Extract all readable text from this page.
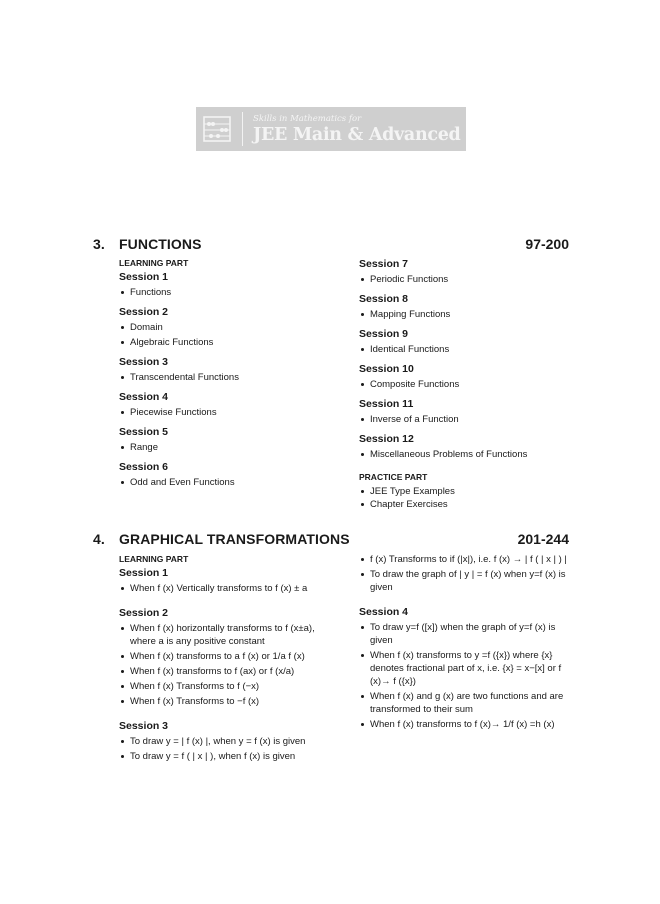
Skills in Mathematics for
JEE Main & Advanced
3. FUNCTIONS	97-200
LEARNING PART
Session 1
Functions
Session 2
Domain
Algebraic Functions
Session 3
Transcendental Functions
Session 4
Piecewise Functions
Session 5
Range
Session 6
Odd and Even Functions
Session 7
Periodic Functions
Session 8
Mapping Functions
Session 9
Identical Functions
Session 10
Composite Functions
Session 11
Inverse of a Function
Session 12
Miscellaneous Problems of Functions
PRACTICE PART
JEE Type Examples
Chapter Exercises
4. GRAPHICAL TRANSFORMATIONS	201-244
LEARNING PART
Session 1
When f (x) Vertically transforms to f (x) ± a
Session 2
When f (x) horizontally transforms to f (x±a), where a is any positive constant
When f (x) transforms to a f (x) or 1/a f (x)
When f (x) transforms to f (ax) or f (x/a)
When f (x) Transforms to f (−x)
When f (x) Transforms to −f (x)
Session 3
To draw y = | f (x) |, when y = f (x) is given
To draw y = f ( | x | ), when f (x) is given
f (x) Transforms to if (|x|), i.e. f (x) → | f ( | x | ) |
To draw the graph of | y | = f (x) when y=f (x) is given
Session 4
To draw y=f ([x]) when the graph of y=f (x) is given
When f (x) transforms to y =f ({x}) where {x} denotes fractional part of x, i.e. {x} = x−[x] or f (x)→ f ({x})
When f (x) and g (x) are two functions and are transformed to their sum
When f (x) transforms to f (x)→ 1/f (x) =h (x)
